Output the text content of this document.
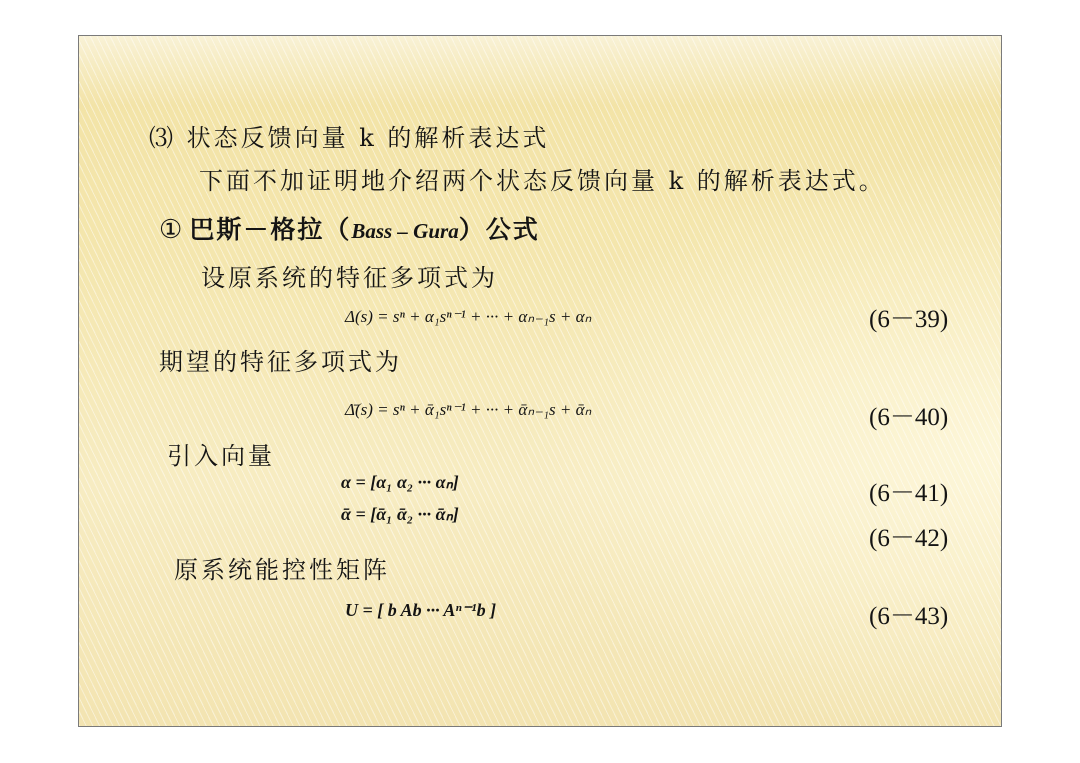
⑶ 状态反馈向量 k 的解析表达式
下面不加证明地介绍两个状态反馈向量 k 的解析表达式。
① 巴斯－格拉（Bass – Gura）公式
设原系统的特征多项式为
Δ(s) = sⁿ + α₁sⁿ⁻¹ + ··· + αₙ₋₁s + αₙ	(6－39)
期望的特征多项式为
Δ̄(s) = sⁿ + ᾱ₁sⁿ⁻¹ + ··· + ᾱₙ₋₁s + ᾱₙ	(6－40)
引入向量
α = [α₁ α₂ ··· αₙ]	(6－41)
ᾱ = [ᾱ₁ ᾱ₂ ··· ᾱₙ]
(6－42)
原系统能控性矩阵
U = [ b Ab ··· Aⁿ⁻¹b ]	(6－43)
